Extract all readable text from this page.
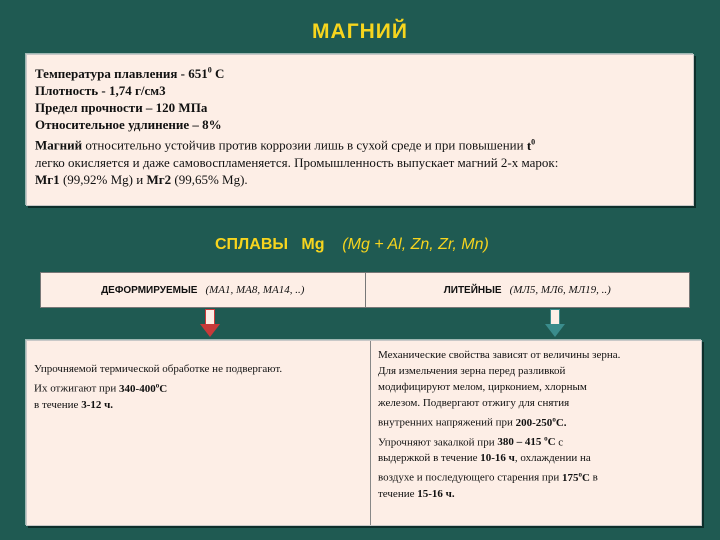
МАГНИЙ
Температура плавления - $651^0$ С
Плотность - 1,74 г/см3
Предел прочности – 120 МПа
Относительное удлинение – 8%
Магний относительно устойчив против коррозии лишь в сухой среде и при повышении $t^0$
легко окисляется и даже самовоспламеняется. Промышленность выпускает магний 2-х марок:
Мг1 (99,92% Mg) и Мг2 (99,65% Mg).
СПЛАВЫ Mg (Mg + Al, Zn, Zr, Mn)
ДЕФОРМИРУЕМЫЕ (МА1, МА8, МА14, ..)	ЛИТЕЙНЫЕ (МЛ5, МЛ6, МЛ19, ..)
Упрочняемой термической обработке не подвергают.
Их отжигают при $340-400^оС$
в течение 3-12 ч.
Механические свойства зависят от величины зерна.
Для измельчения зерна перед разливкой
модифицируют мелом, цирконием, хлорным
железом. Подвергают отжигу для снятия
внутренних напряжений при $200-250^оС$.
Упрочняют закалкой при 380 – 415 $^о$С с
выдержкой в течение 10-16 ч, охлаждении на
воздухе и последующего старения при $175^оС$ в
течение 15-16 ч.
